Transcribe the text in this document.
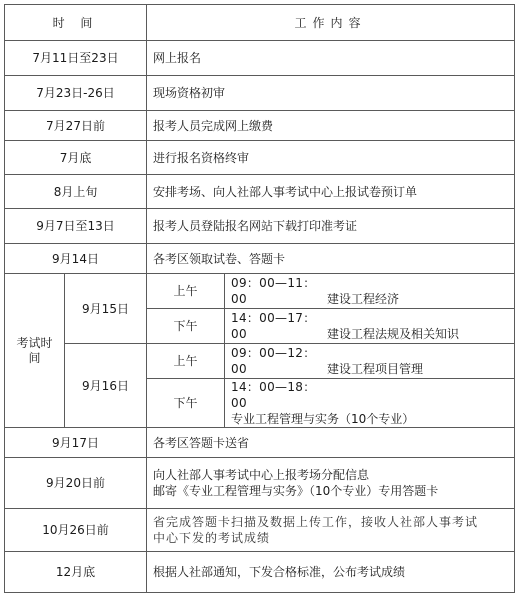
时 间		工作内容	
7月11日至23日		网上报名	
7月23日-26日		现场资格初审	
7月27日前		报考人员完成网上缴费	
7月底		进行报名资格终审	
8月上旬		安排考场、向人社部人事考试中心上报试卷预订单	
9月7日至13日		报考人员登陆报名网站下载打印准考证	
9月14日		各考区领取试卷、答题卡	
考试时间	9月15日	上午	09：00—11：00 建设工程经济
		下午	14：00—17：00 建设工程法规及相关知识
	9月16日	上午	09：00—12：00 建设工程项目管理
		下午	14：00—18：00专业工程管理与实务（10个专业）
9月17日		各考区答题卡送省	
9月20日前		向人社部人事考试中心上报考场分配信息
邮寄《专业工程管理与实务》（10个专业）专用答题卡	

10月26日前		省完成答题卡扫描及数据上传工作，接收人社部人事考试
中心下发的考试成绩	

12月底		根据人社部通知，下发合格标准，公布考试成绩	
